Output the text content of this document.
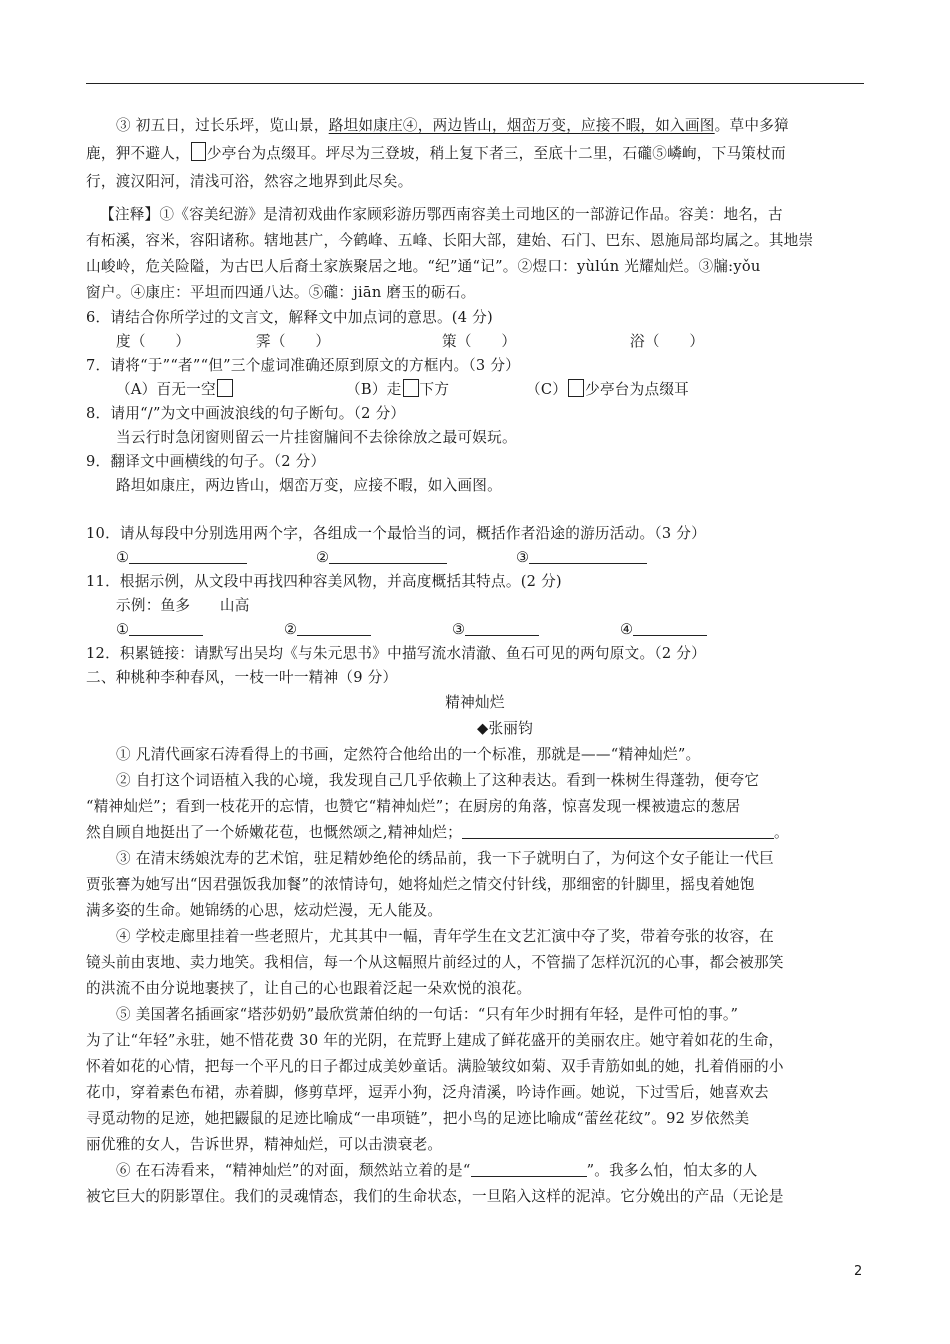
③ 初五日，过长乐坪，览山景，路坦如康庄④，两边皆山，烟峦万变，应接不暇，如入画图。草中多獐

鹿，狎不避人， 少亭台为点缀耳。坪尽为三登坡，稍上复下者三，至底十二里，石礲⑤嶙峋，下马策杖而

行，渡汉阳河，清浅可浴，然容之地界到此尽矣。

【注释】①《容美纪游》是清初戏曲作家顾彩游历鄂西南容美土司地区的一部游记作品。容美：地名，古

有柘溪，容米，容阳诸称。辖地甚广，今鹤峰、五峰、长阳大部，建始、石门、巴东、恩施局部均属之。其地崇

山峻岭，危关险隘，为古巴人后裔土家族聚居之地。“纪”通“记”。②煜口：yùlún 光耀灿烂。③牖:yǒu

窗户。④康庄：平坦而四通八达。⑤礲：jiān 磨玉的砺石。

6．请结合你所学过的文言文，解释文中加点词的意思。(4 分)

度（　　）	霁（　　）	策（　　）	浴（　　）

7．请将“于”“者”“但”三个虚词准确还原到原文的方框内。（3 分）

（A）百无一空	（B）走 下方	（C） 少亭台为点缀耳

8．请用“/”为文中画波浪线的句子断句。（2 分）

当云行时急闭窗则留云一片挂窗牖间不去徐徐放之最可娱玩。

9．翻译文中画横线的句子。（2 分）

路坦如康庄，两边皆山，烟峦万变，应接不暇，如入画图。

10．请从每段中分别选用两个字，各组成一个最恰当的词，概括作者沿途的游历活动。（3 分）

①	②	③

11．根据示例，从文段中再找四种容美风物，并高度概括其特点。(2 分)

示例：鱼多　　山高

①	②	③	④

12．积累链接：请默写出吴均《与朱元思书》中描写流水清澈、鱼石可见的两句原文。（2 分）

二、种桃种李种春风，一枝一叶一精神（9 分）

精神灿烂

◆张丽钧

① 凡清代画家石涛看得上的书画，定然符合他给出的一个标准，那就是——“精神灿烂”。

② 自打这个词语植入我的心境，我发现自己几乎依赖上了这种表达。看到一株树生得蓬勃，便夸它

“精神灿烂”；看到一枝花开的忘情，也赞它“精神灿烂”；在厨房的角落，惊喜发现一棵被遗忘的葱居

然自顾自地挺出了一个娇嫩花苞，也慨然颂之,精神灿烂；	。

③ 在清末绣娘沈寿的艺术馆，驻足精妙绝伦的绣品前，我一下子就明白了，为何这个女子能让一代巨

贾张謇为她写出“因君强饭我加餐”的浓情诗句，她将灿烂之情交付针线，那细密的针脚里，摇曳着她饱

满多姿的生命。她锦绣的心思，炫动烂漫，无人能及。

④ 学校走廊里挂着一些老照片，尤其其中一幅，青年学生在文艺汇演中夺了奖，带着夸张的妆容，在

镜头前由衷地、卖力地笑。我相信，每一个从这幅照片前经过的人，不管揣了怎样沉沉的心事，都会被那笑

的洪流不由分说地裹挟了，让自己的心也跟着泛起一朵欢悦的浪花。

⑤ 美国著名插画家“塔莎奶奶”最欣赏萧伯纳的一句话：“只有年少时拥有年轻，是件可怕的事。”

为了让“年轻”永驻，她不惜花费 30 年的光阴，在荒野上建成了鲜花盛开的美丽农庄。她守着如花的生命，

怀着如花的心情，把每一个平凡的日子都过成美妙童话。满脸皱纹如菊、双手青筋如虬的她，扎着俏丽的小

花巾，穿着素色布裙，赤着脚，修剪草坪，逗弄小狗，泛舟清溪，吟诗作画。她说，下过雪后，她喜欢去

寻觅动物的足迹，她把鼹鼠的足迹比喻成“一串项链”，把小鸟的足迹比喻成“蕾丝花纹”。92 岁依然美

丽优雅的女人，告诉世界，精神灿烂，可以击溃衰老。

⑥ 在石涛看来，“精神灿烂”的对面，颓然站立着的是“	”。我多么怕，怕太多的人

被它巨大的阴影罩住。我们的灵魂情态，我们的生命状态，一旦陷入这样的泥淖。它分娩出的产品（无论是

2
